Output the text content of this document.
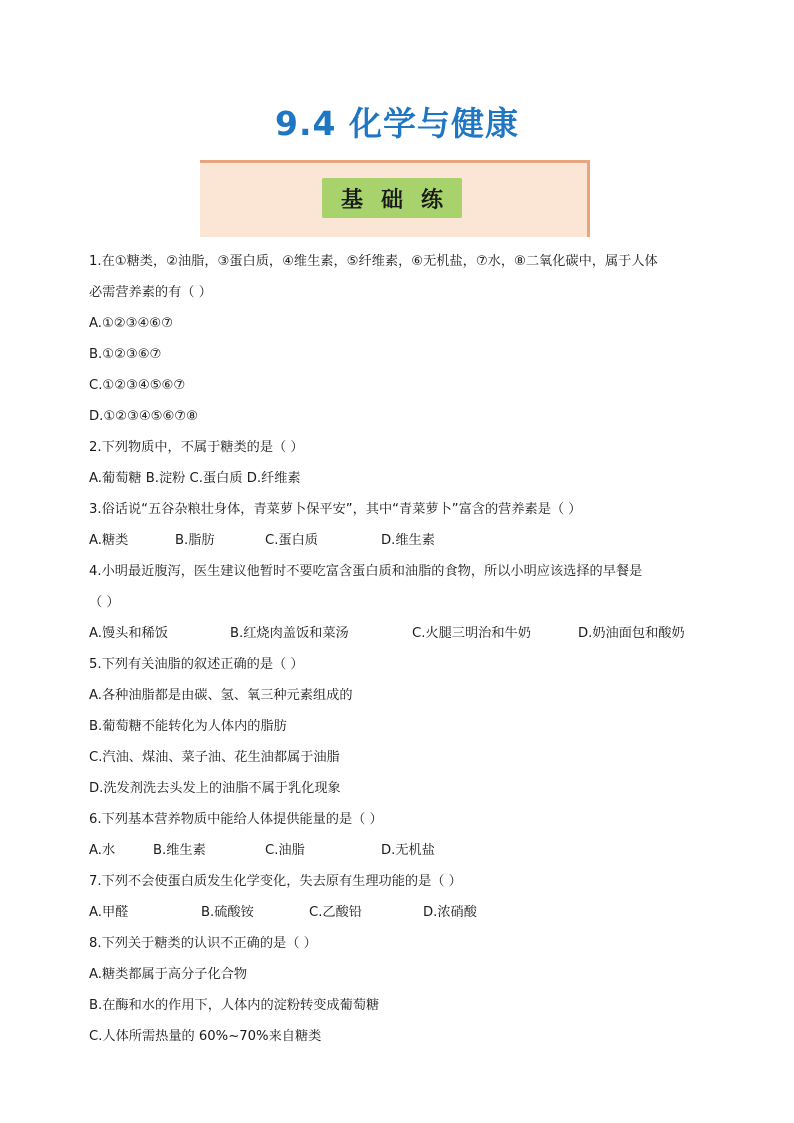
9.4 化学与健康
基 础 练
1.在①糖类，②油脂，③蛋白质，④维生素，⑤纤维素，⑥无机盐，⑦水，⑧二氧化碳中，属于人体
必需营养素的有（ ）
A.①②③④⑥⑦
B.①②③⑥⑦
C.①②③④⑤⑥⑦
D.①②③④⑤⑥⑦⑧
2.下列物质中，不属于糖类的是（ ）
A.葡萄糖 B.淀粉 C.蛋白质 D.纤维素
3.俗话说“五谷杂粮壮身体，青菜萝卜保平安”，其中“青菜萝卜”富含的营养素是（ ）
A.糖类	B.脂肪	C.蛋白质	D.维生素
4.小明最近腹泻，医生建议他暂时不要吃富含蛋白质和油脂的食物，所以小明应该选择的早餐是
（ ）
A.馒头和稀饭	B.红烧肉盖饭和菜汤	C.火腿三明治和牛奶	D.奶油面包和酸奶
5.下列有关油脂的叙述正确的是（ ）
A.各种油脂都是由碳、氢、氧三种元素组成的
B.葡萄糖不能转化为人体内的脂肪
C.汽油、煤油、菜子油、花生油都属于油脂
D.洗发剂洗去头发上的油脂不属于乳化现象
6.下列基本营养物质中能给人体提供能量的是（ ）
A.水	B.维生素	C.油脂	D.无机盐
7.下列不会使蛋白质发生化学变化，失去原有生理功能的是（ ）
A.甲醛	B.硫酸铵	C.乙酸铅	D.浓硝酸
8.下列关于糖类的认识不正确的是（ ）
A.糖类都属于高分子化合物
B.在酶和水的作用下，人体内的淀粉转变成葡萄糖
C.人体所需热量的 60%~70%来自糖类
